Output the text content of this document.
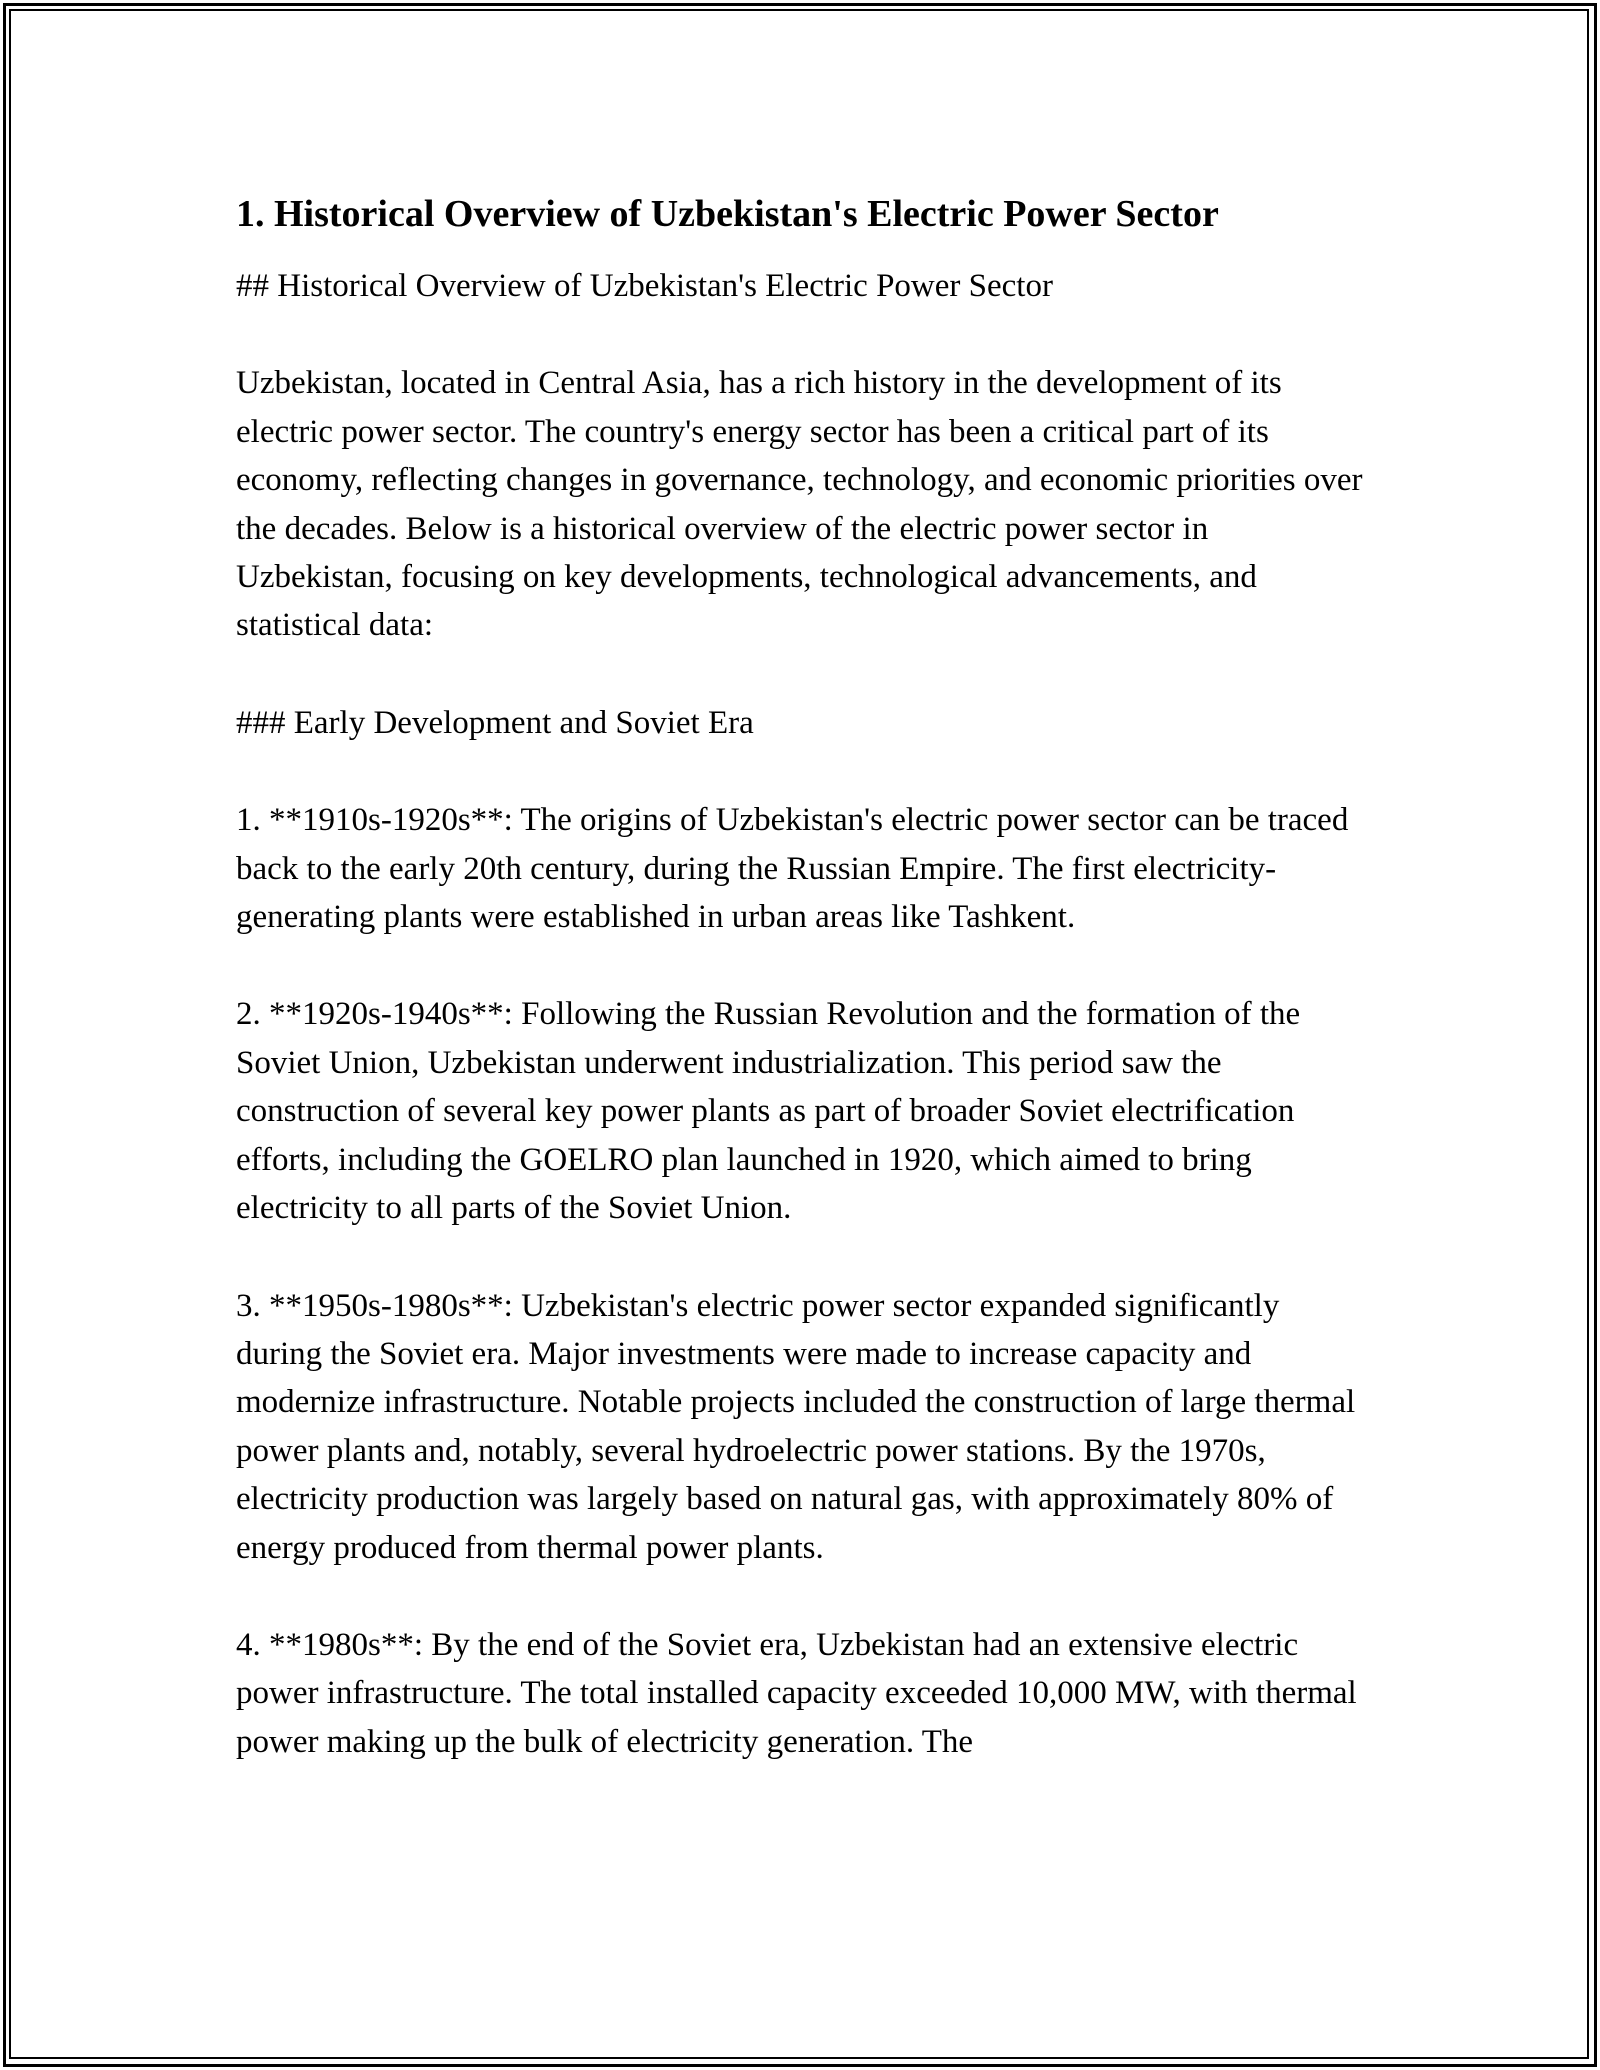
1. Historical Overview of Uzbekistan's Electric Power Sector

## Historical Overview of Uzbekistan's Electric Power Sector

Uzbekistan, located in Central Asia, has a rich history in the development of its electric power sector. The country's energy sector has been a critical part of its economy, reflecting changes in governance, technology, and economic priorities over the decades. Below is a historical overview of the electric power sector in Uzbekistan, focusing on key developments, technological advancements, and statistical data:

### Early Development and Soviet Era

1. **1910s-1920s**: The origins of Uzbekistan's electric power sector can be traced back to the early 20th century, during the Russian Empire. The first electricity-generating plants were established in urban areas like Tashkent.

2. **1920s-1940s**: Following the Russian Revolution and the formation of the Soviet Union, Uzbekistan underwent industrialization. This period saw the construction of several key power plants as part of broader Soviet electrification efforts, including the GOELRO plan launched in 1920, which aimed to bring electricity to all parts of the Soviet Union.

3. **1950s-1980s**: Uzbekistan's electric power sector expanded significantly during the Soviet era. Major investments were made to increase capacity and modernize infrastructure. Notable projects included the construction of large thermal power plants and, notably, several hydroelectric power stations. By the 1970s, electricity production was largely based on natural gas, with approximately 80% of energy produced from thermal power plants.

4. **1980s**: By the end of the Soviet era, Uzbekistan had an extensive electric power infrastructure. The total installed capacity exceeded 10,000 MW, with thermal power making up the bulk of electricity generation. The
